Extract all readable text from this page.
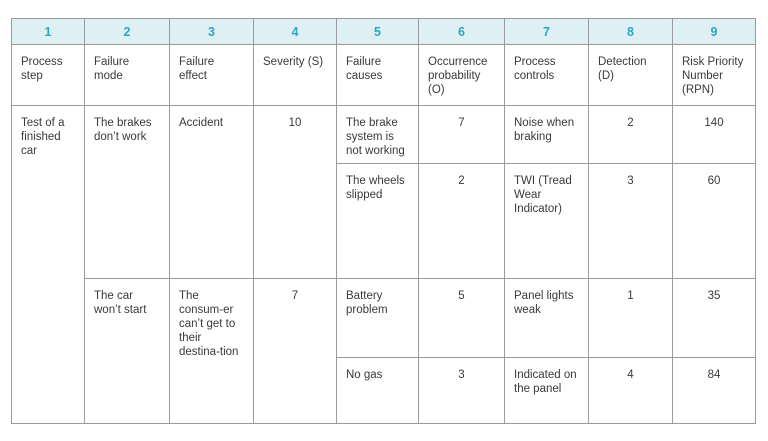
1	2	3	4	5	6	7	8	9
Process step	Failure mode	Failure effect	Severity (S)	Failure causes	Occurrence probability (O)	Process controls	Detection (D)	Risk Priority Number (RPN)
Test of a finished car	The brakes don’t work	Accident	10	The brake system is not working	7	Noise when braking	2	140
				The wheels slipped	2	TWI (Tread Wear Indicator)	3	60
	The car won’t start	The consum-er can’t get to their destina-tion	7	Battery problem	5	Panel lights weak	1	35
				No gas	3	Indicated on the panel	4	84
